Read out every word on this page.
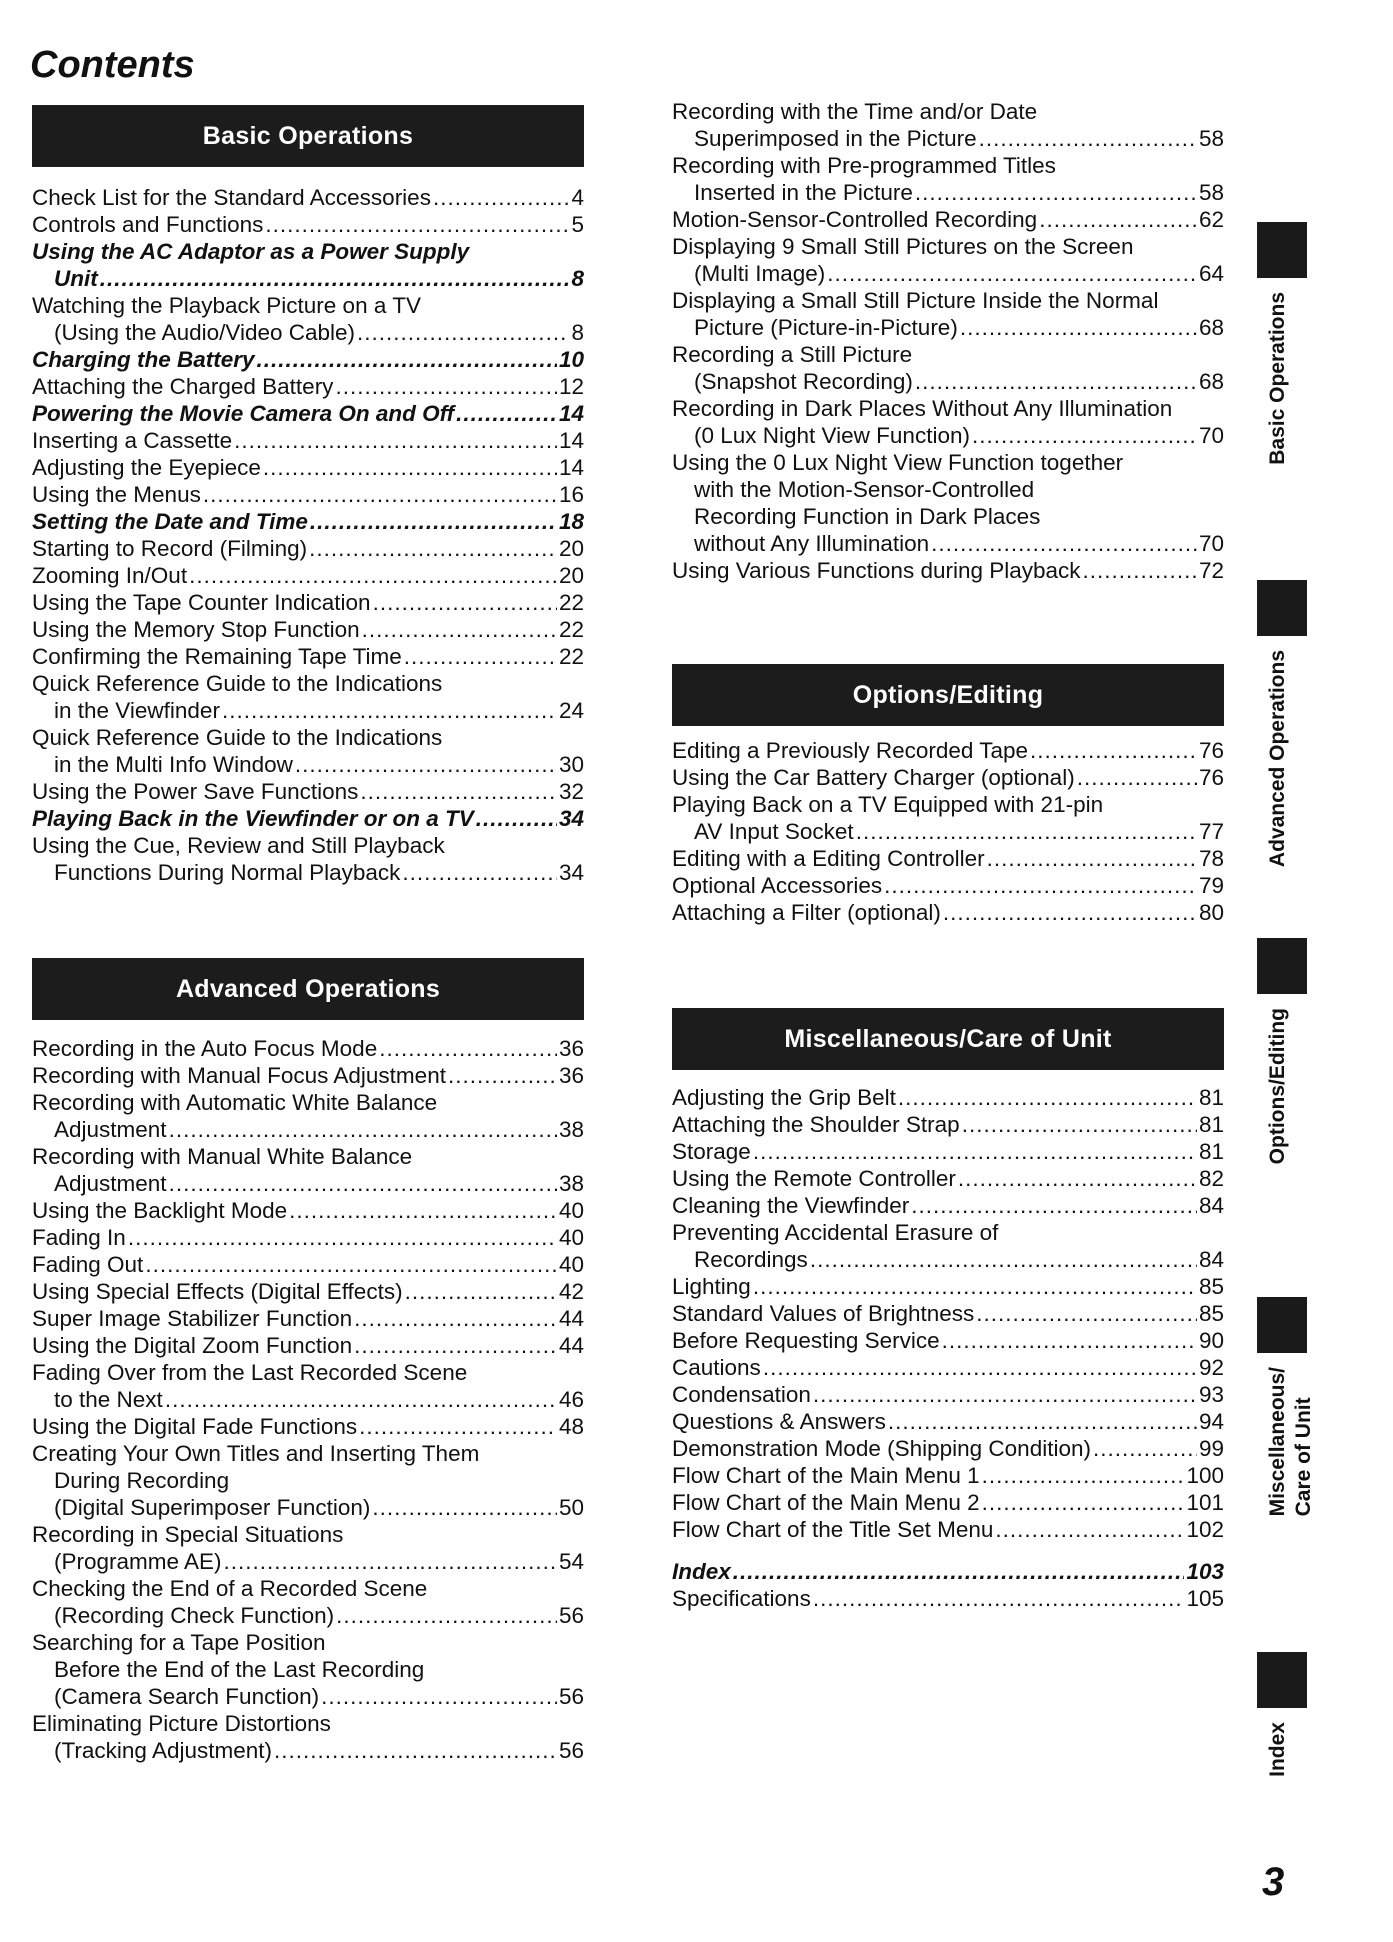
Contents
Basic Operations
Check List for the Standard Accessories .....	4
Controls and Functions .....	5
Using the AC Adaptor as a Power Supply
Unit .....	8
Watching the Playback Picture on a TV
(Using the Audio/Video Cable) .....	8
Charging the Battery .....	10
Attaching the Charged Battery .....	12
Powering the Movie Camera On and Off .....	14
Inserting a Cassette .....	14
Adjusting the Eyepiece .....	14
Using the Menus .....	16
Setting the Date and Time .....	18
Starting to Record (Filming) .....	20
Zooming In/Out .....	20
Using the Tape Counter Indication .....	22
Using the Memory Stop Function .....	22
Confirming the Remaining Tape Time .....	22
Quick Reference Guide to the Indications
in the Viewfinder .....	24
Quick Reference Guide to the Indications
in the Multi Info Window .....	30
Using the Power Save Functions .....	32
Playing Back in the Viewfinder or on a TV .....	34
Using the Cue, Review and Still Playback
Functions During Normal Playback .....	34
Advanced Operations
Recording in the Auto Focus Mode .....	36
Recording with Manual Focus Adjustment .....	36
Recording with Automatic White Balance
Adjustment .....	38
Recording with Manual White Balance
Adjustment .....	38
Using the Backlight Mode .....	40
Fading In .....	40
Fading Out .....	40
Using Special Effects (Digital Effects) .....	42
Super Image Stabilizer Function .....	44
Using the Digital Zoom Function .....	44
Fading Over from the Last Recorded Scene
to the Next .....	46
Using the Digital Fade Functions .....	48
Creating Your Own Titles and Inserting Them
During Recording
(Digital Superimposer Function) .....	50
Recording in Special Situations
(Programme AE) .....	54
Checking the End of a Recorded Scene
(Recording Check Function) .....	56
Searching for a Tape Position
Before the End of the Last Recording
(Camera Search Function) .....	56
Eliminating Picture Distortions
(Tracking Adjustment) .....	56
Recording with the Time and/or Date
Superimposed in the Picture .....	58
Recording with Pre-programmed Titles
Inserted in the Picture .....	58
Motion-Sensor-Controlled Recording .....	62
Displaying 9 Small Still Pictures on the Screen
(Multi Image) .....	64
Displaying a Small Still Picture Inside the Normal
Picture (Picture-in-Picture) .....	68
Recording a Still Picture
(Snapshot Recording) .....	68
Recording in Dark Places Without Any Illumination
(0 Lux Night View Function) .....	70
Using the 0 Lux Night View Function together
with the Motion-Sensor-Controlled
Recording Function in Dark Places
without Any Illumination .....	70
Using Various Functions during Playback .....	72
Options/Editing
Editing a Previously Recorded Tape .....	76
Using the Car Battery Charger (optional) .....	76
Playing Back on a TV Equipped with 21-pin
AV Input Socket .....	77
Editing with a Editing Controller .....	78
Optional Accessories .....	79
Attaching a Filter (optional) .....	80
Miscellaneous/Care of Unit
Adjusting the Grip Belt .....	81
Attaching the Shoulder Strap .....	81
Storage .....	81
Using the Remote Controller .....	82
Cleaning the Viewfinder .....	84
Preventing Accidental Erasure of
Recordings .....	84
Lighting .....	85
Standard Values of Brightness .....	85
Before Requesting Service .....	90
Cautions .....	92
Condensation .....	93
Questions & Answers .....	94
Demonstration Mode (Shipping Condition) .....	99
Flow Chart of the Main Menu 1 .....	100
Flow Chart of the Main Menu 2 .....	101
Flow Chart of the Title Set Menu .....	102
Index .....	103
Specifications .....	105
Basic Operations
Advanced Operations
Options/Editing
Miscellaneous/
Care of Unit
Index
3
